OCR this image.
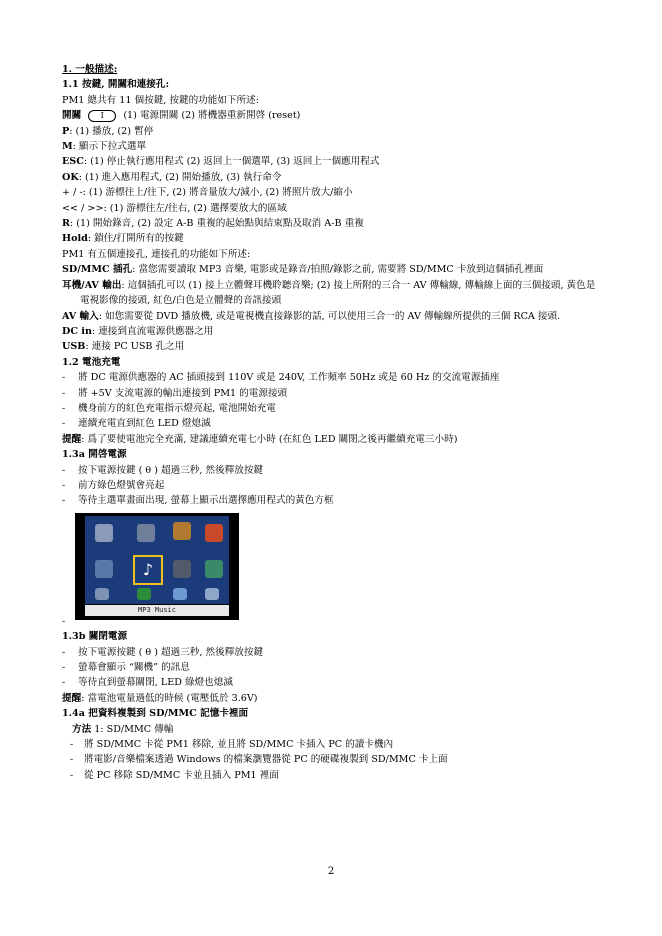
1. 一般描述:
1.1 按鍵, 開關和連接孔:
PM1 總共有 11 個按鍵, 按鍵的功能如下所述:
開關 I (1) 電源開關 (2) 將機器重新開啓 (reset)
P: (1) 播放, (2) 暫停
M: 顯示下拉式選單
ESC: (1) 停止執行應用程式 (2) 返回上一個選單, (3) 返回上一個應用程式
OK: (1) 進入應用程式, (2) 開始播放, (3) 執行命令
+ / -: (1) 游標往上/往下, (2) 將音量放大/減小, (2) 將照片放大/縮小
<< / >>: (1) 游標往左/往右, (2) 選擇要放大的區域
R: (1) 開始錄音, (2) 設定 A-B 重複的起始點與結束點及取消 A-B 重複
Hold: 鎖住/打開所有的按鍵
PM1 有五個連接孔, 連接孔的功能如下所述:
SD/MMC 插孔: 當您需要讀取 MP3 音樂, 電影或是錄音/拍照/錄影之前, 需要將 SD/MMC 卡放到這個插孔裡面
耳機/AV 輸出: 這個插孔可以 (1) 接上立體聲耳機聆聽音樂; (2) 接上所附的三合一 AV 傳輸線, 傳輸線上面的三個接頭, 黃色是電視影像的接頭, 紅色/白色是立體聲的音訊接頭
AV 輸入: 如您需要從 DVD 播放機, 或是電視機直接錄影的話, 可以使用三合一的 AV 傳輸線所提供的三個 RCA 接頭.
DC in: 連接到直流電源供應器之用
USB: 連接 PC USB 孔之用
1.2 電池充電
- 將 DC 電源供應器的 AC 插頭接到 110V 或是 240V, 工作頻率 50Hz 或是 60 Hz 的交流電源插座
- 將 +5V 支流電源的輸出連接到 PM1 的電源接頭
- 機身前方的紅色充電指示燈亮起, 電池開始充電
- 連續充電直到紅色 LED 燈熄滅
提醒: 爲了要使電池完全充滿, 建議連續充電七小時 (在紅色 LED 關閉之後再繼續充電三小時)
1.3a 開啓電源
- 按下電源按鍵 ( θ ) 超過三秒, 然後釋放按鍵
- 前方綠色燈號會亮起
- 等待主選單畫面出現, 螢幕上顯示出選擇應用程式的黃色方框
♪
MP3 Music
-
1.3b 關閉電源
- 按下電源按鍵 ( θ ) 超過三秒, 然後釋放按鍵
- 螢幕會顯示 “關機” 的訊息
- 等待直到螢幕關閉, LED 綠燈也熄滅
提醒: 當電池電量過低的時候 (電壓低於 3.6V)
1.4a 把資料複製到 SD/MMC 記憶卡裡面
方法 1: SD/MMC 傳輸
- 將 SD/MMC 卡從 PM1 移除, 並且將 SD/MMC 卡插入 PC 的讀卡機內
- 將電影/音樂檔案透過 Windows 的檔案瀏覽器從 PC 的硬碟複製到 SD/MMC 卡上面
- 從 PC 移除 SD/MMC 卡並且插入 PM1 裡面
2
